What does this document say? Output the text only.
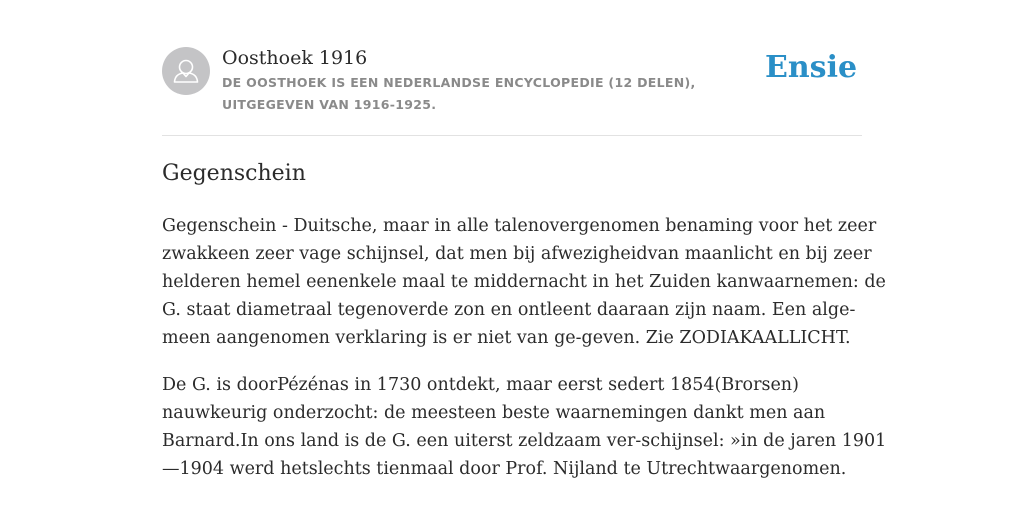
Oosthoek 1916
DE OOSTHOEK IS EEN NEDERLANDSE ENCYCLOPEDIE (12 DELEN), UITGEGEVEN VAN 1916-1925.
Ensie
Gegenschein

Gegenschein - Duitsche, maar in alle talenovergenomen benaming voor het zeer
zwakkeen zeer vage schijnsel, dat men bij afwezigheidvan maanlicht en bij zeer
helderen hemel eenenkele maal te middernacht in het Zuiden kanwaarnemen: de
G. staat diametraal tegenoverde zon en ontleent daaraan zijn naam. Een alge-
meen aangenomen verklaring is er niet van ge-geven. Zie ZODIAKAALLICHT.

De G. is doorPézénas in 1730 ontdekt, maar eerst sedert 1854(Brorsen)
nauwkeurig onderzocht: de meesteen beste waarnemingen dankt men aan
Barnard.In ons land is de G. een uiterst zeldzaam ver-schijnsel: »in de jaren 1901
—1904 werd hetslechts tienmaal door Prof. Nijland te Utrechtwaargenomen.
